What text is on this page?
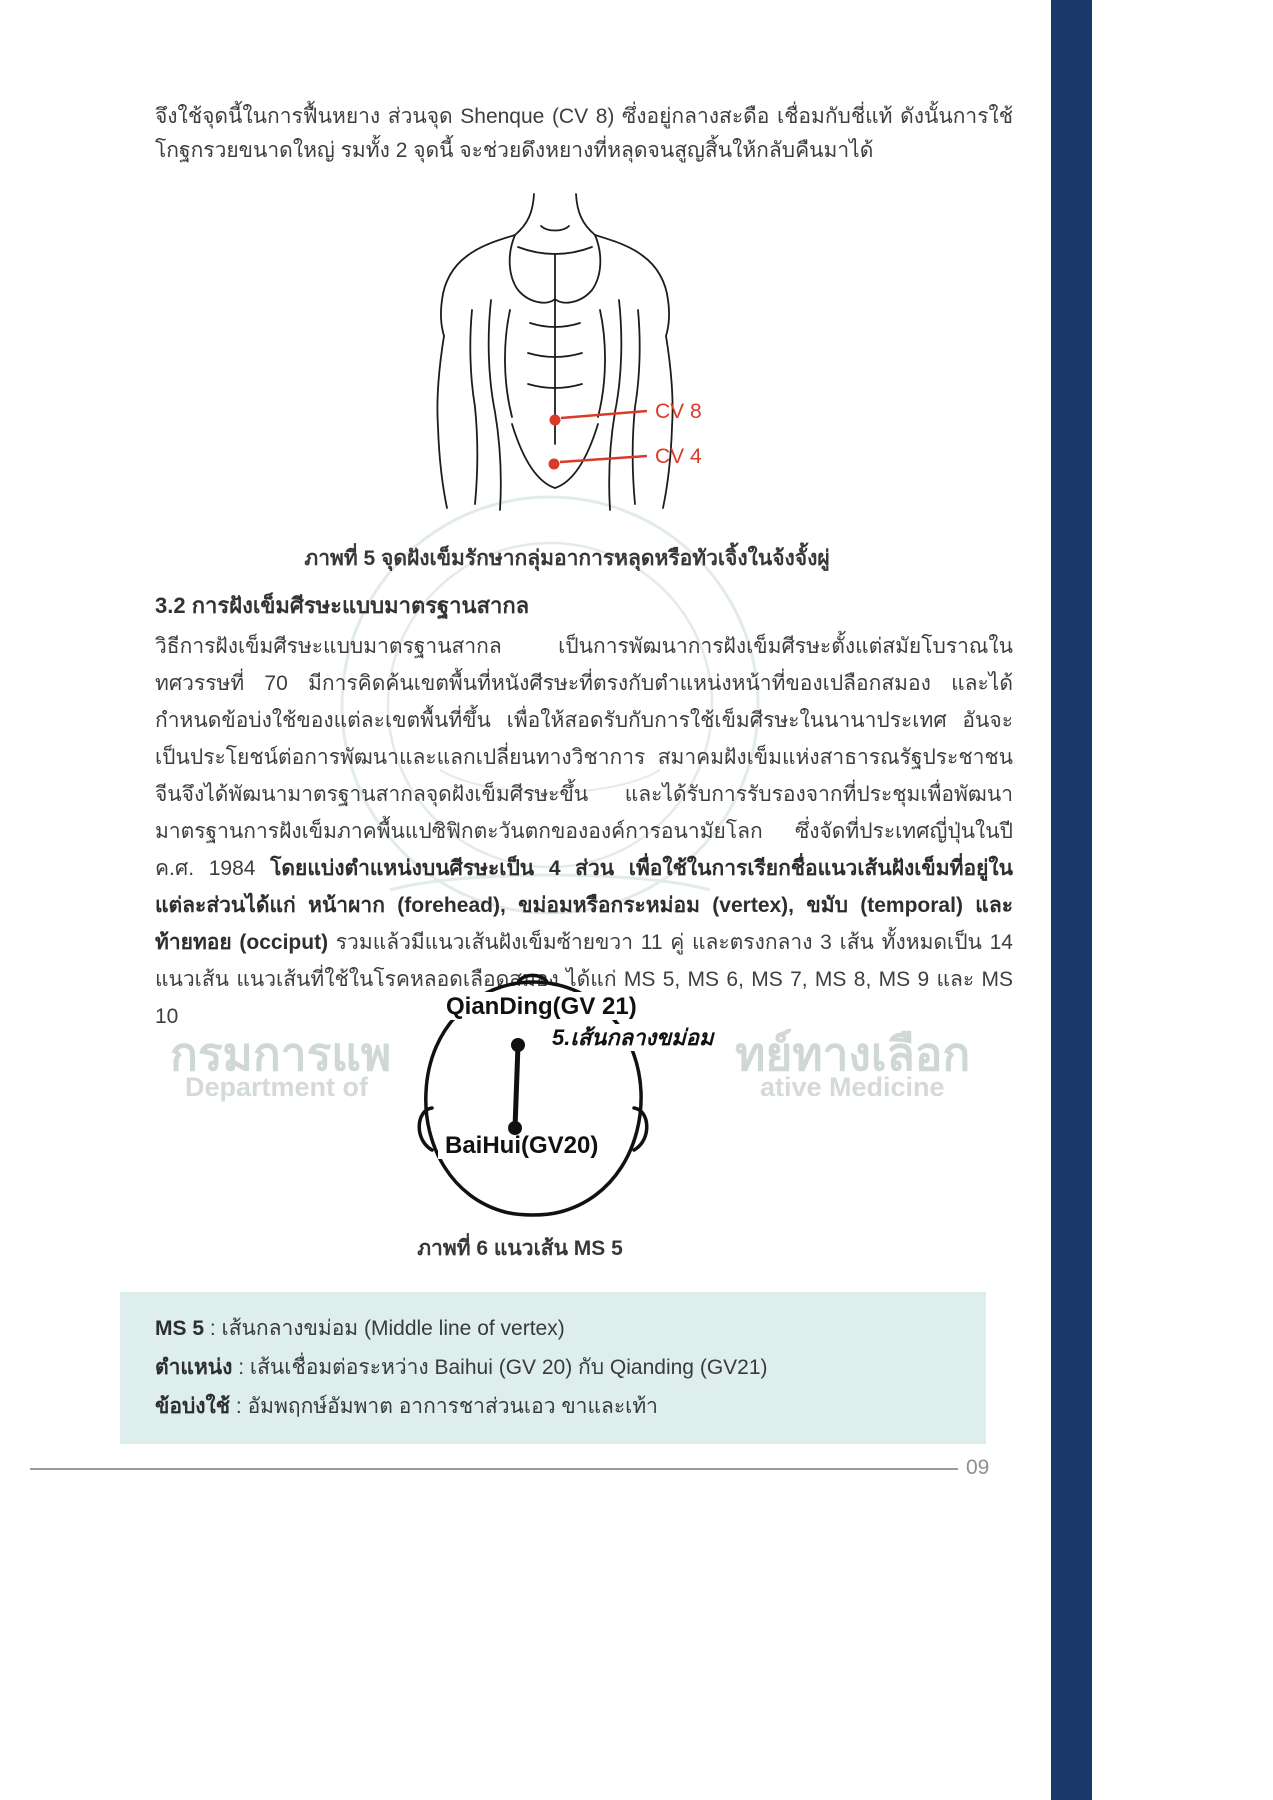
จึงใช้จุดนี้ในการฟื้นหยาง ส่วนจุด Shenque (CV 8) ซึ่งอยู่กลางสะดือ เชื่อมกับชี่แท้ ดังนั้นการใช้โกฐกรวยขนาดใหญ่ รมทั้ง 2 จุดนี้ จะช่วยดึงหยางที่หลุดจนสูญสิ้นให้กลับคืนมาได้

CV 8
CV 4
ภาพที่ 5 จุดฝังเข็มรักษากลุ่มอาการหลุดหรือทัวเจิ้งในจ้งจั้งผู่
3.2 การฝังเข็มศีรษะแบบมาตรฐานสากล

วิธีการฝังเข็มศีรษะแบบมาตรฐานสากล เป็นการพัฒนาการฝังเข็มศีรษะตั้งแต่สมัยโบราณในทศวรรษที่ 70 มีการคิดค้นเขตพื้นที่หนังศีรษะที่ตรงกับตำแหน่งหน้าที่ของเปลือกสมอง และได้กำหนดข้อบ่งใช้ของแต่ละเขตพื้นที่ขึ้น เพื่อให้สอดรับกับการใช้เข็มศีรษะในนานาประเทศ อันจะเป็นประโยชน์ต่อการพัฒนาและแลกเปลี่ยนทางวิชาการ สมาคมฝังเข็มแห่งสาธารณรัฐประชาชนจีนจึงได้พัฒนามาตรฐานสากลจุดฝังเข็มศีรษะขึ้น และได้รับการรับรองจากที่ประชุมเพื่อพัฒนามาตรฐานการฝังเข็มภาคพื้นแปซิฟิกตะวันตกขององค์การอนามัยโลก ซึ่งจัดที่ประเทศญี่ปุ่นในปี ค.ศ. 1984 โดยแบ่งตำแหน่งบนศีรษะเป็น 4 ส่วน เพื่อใช้ในการเรียกชื่อแนวเส้นฝังเข็มที่อยู่ในแต่ละส่วนได้แก่ หน้าผาก (forehead), ขม่อมหรือกระหม่อม (vertex), ขมับ (temporal) และท้ายทอย (occiput) รวมแล้วมีแนวเส้นฝังเข็มซ้ายขวา 11 คู่ และตรงกลาง 3 เส้น ทั้งหมดเป็น 14 แนวเส้น แนวเส้นที่ใช้ในโรคหลอดเลือดสมอง ได้แก่ MS 5, MS 6, MS 7, MS 8, MS 9 และ MS 10

กรมการแพ	ทย์ทางเลือก
Department of	ative Medicine
QianDing(GV 21)
5.เส้นกลางขม่อม
BaiHui(GV20)
ภาพที่ 6 แนวเส้น MS 5
MS 5 : เส้นกลางขม่อม (Middle line of vertex)
ตำแหน่ง : เส้นเชื่อมต่อระหว่าง Baihui (GV 20) กับ Qianding (GV21)
ข้อบ่งใช้ : อัมพฤกษ์อัมพาต อาการชาส่วนเอว ขาและเท้า
09
